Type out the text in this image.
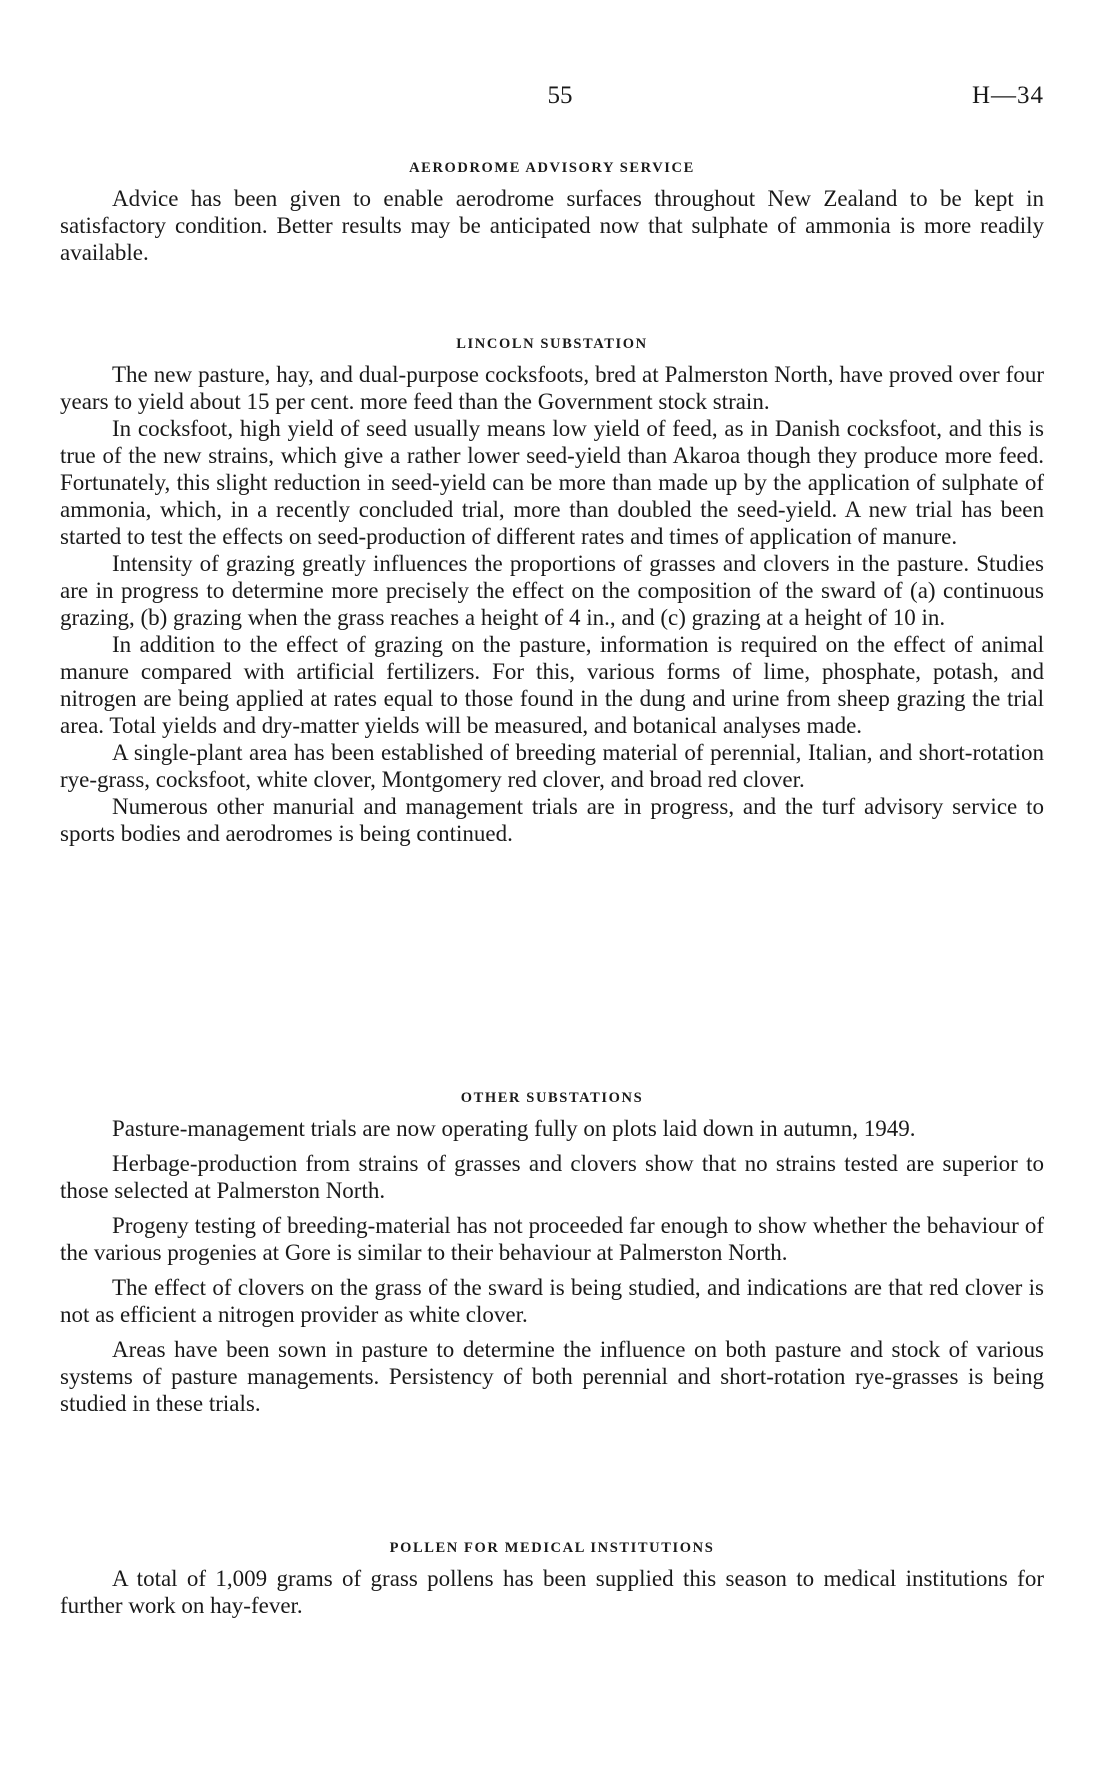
55	H—34
AERODROME ADVISORY SERVICE

Advice has been given to enable aerodrome surfaces throughout New Zealand to be kept in satisfactory condition. Better results may be anticipated now that sulphate of ammonia is more readily available.

LINCOLN SUBSTATION

The new pasture, hay, and dual-purpose cocksfoots, bred at Palmerston North, have proved over four years to yield about 15 per cent. more feed than the Government stock strain.

In cocksfoot, high yield of seed usually means low yield of feed, as in Danish cocksfoot, and this is true of the new strains, which give a rather lower seed-yield than Akaroa though they produce more feed. Fortunately, this slight reduction in seed-yield can be more than made up by the application of sulphate of ammonia, which, in a recently concluded trial, more than doubled the seed-yield. A new trial has been started to test the effects on seed-production of different rates and times of application of manure.

Intensity of grazing greatly influences the proportions of grasses and clovers in the pasture. Studies are in progress to determine more precisely the effect on the composition of the sward of (a) continuous grazing, (b) grazing when the grass reaches a height of 4 in., and (c) grazing at a height of 10 in.

In addition to the effect of grazing on the pasture, information is required on the effect of animal manure compared with artificial fertilizers. For this, various forms of lime, phosphate, potash, and nitrogen are being applied at rates equal to those found in the dung and urine from sheep grazing the trial area. Total yields and dry-matter yields will be measured, and botanical analyses made.

A single-plant area has been established of breeding material of perennial, Italian, and short-rotation rye-grass, cocksfoot, white clover, Montgomery red clover, and broad red clover.

Numerous other manurial and management trials are in progress, and the turf advisory service to sports bodies and aerodromes is being continued.

OTHER SUBSTATIONS

Pasture-management trials are now operating fully on plots laid down in autumn, 1949.

Herbage-production from strains of grasses and clovers show that no strains tested are superior to those selected at Palmerston North.

Progeny testing of breeding-material has not proceeded far enough to show whether the behaviour of the various progenies at Gore is similar to their behaviour at Palmerston North.

The effect of clovers on the grass of the sward is being studied, and indications are that red clover is not as efficient a nitrogen provider as white clover.

Areas have been sown in pasture to determine the influence on both pasture and stock of various systems of pasture managements. Persistency of both perennial and short-rotation rye-grasses is being studied in these trials.

POLLEN FOR MEDICAL INSTITUTIONS

A total of 1,009 grams of grass pollens has been supplied this season to medical institutions for further work on hay-fever.
